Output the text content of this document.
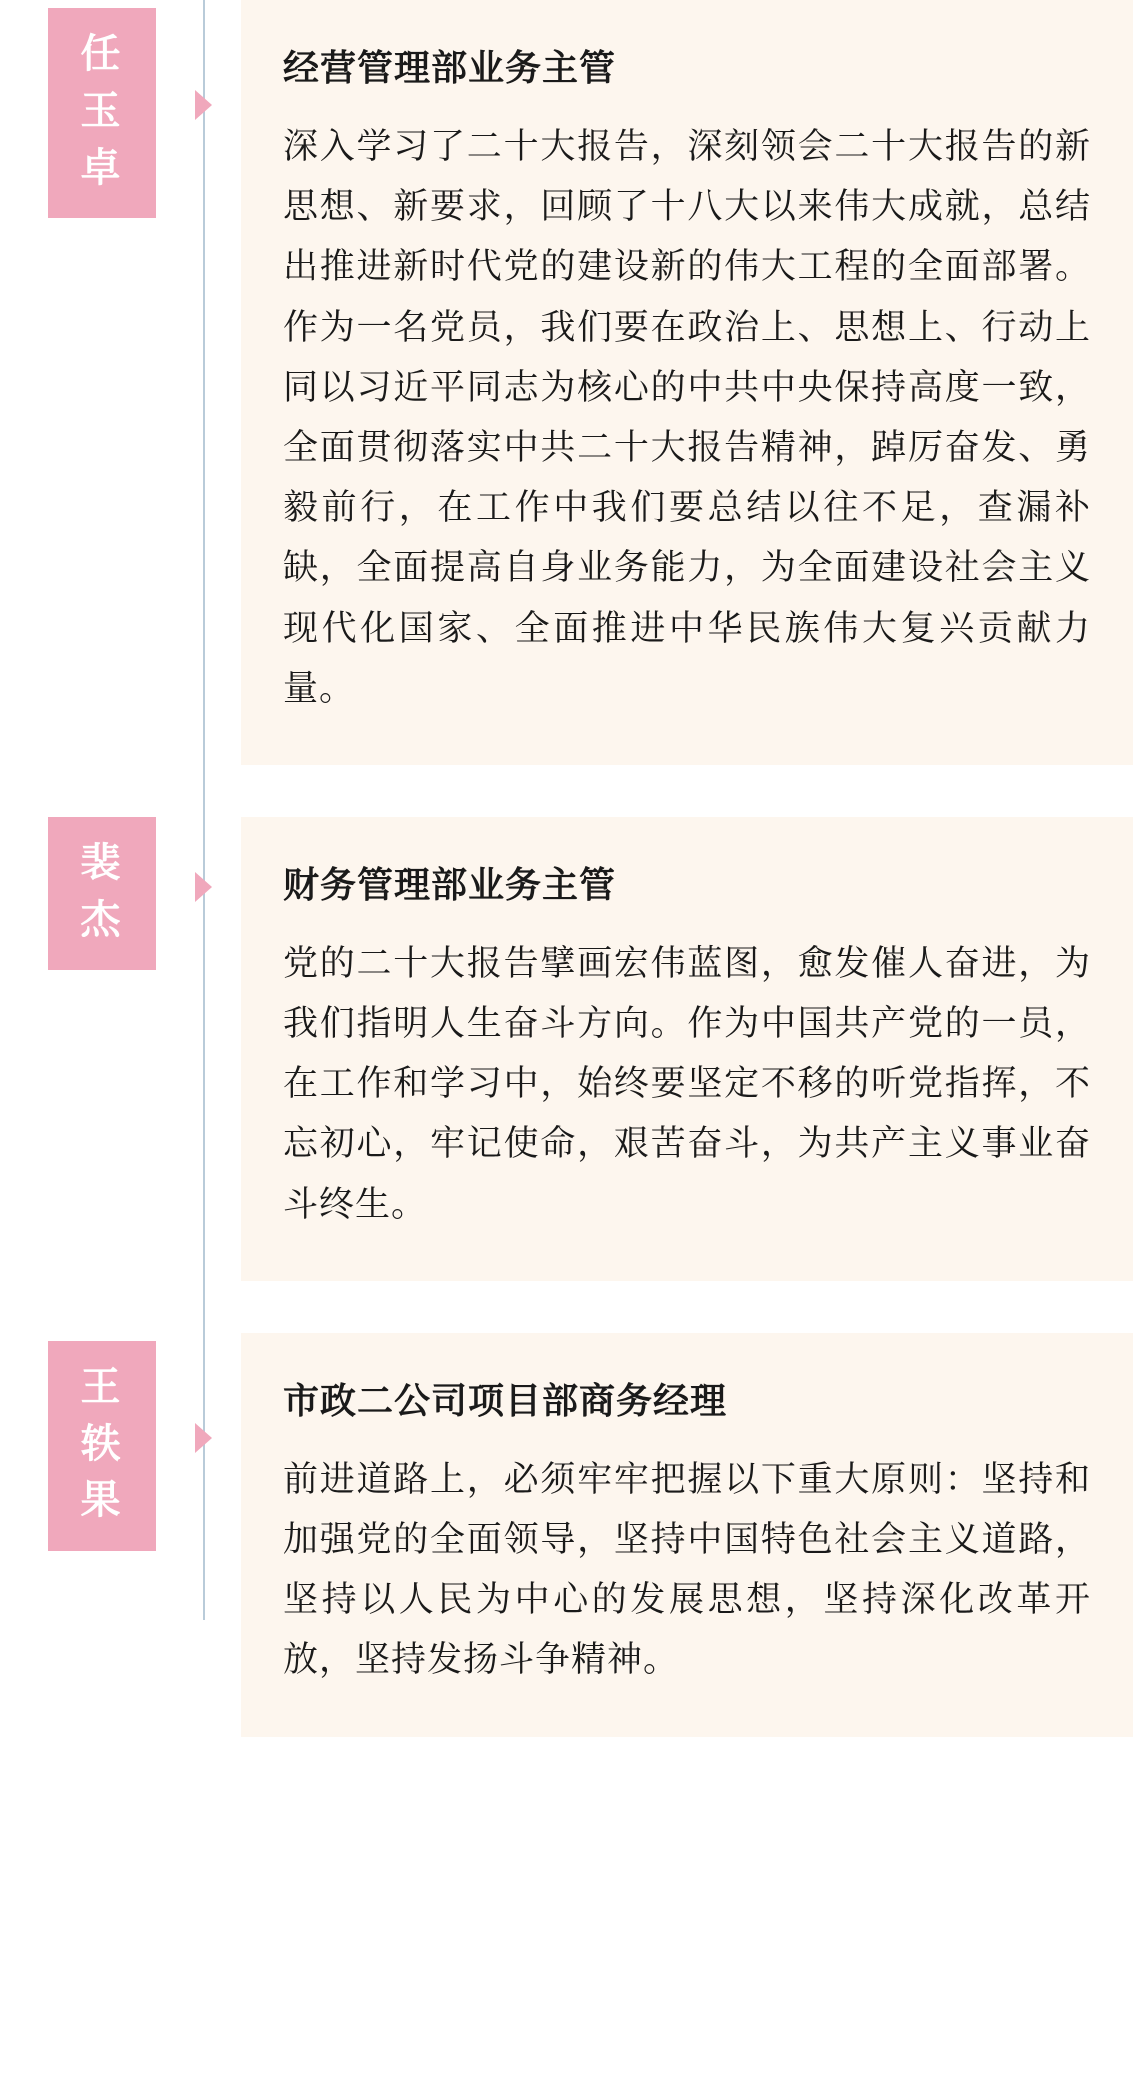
任
玉
卓
经营管理部业务主管

深入学习了二十大报告，深刻领会二十大报告的新思想、新要求，回顾了十八大以来伟大成就，总结出推进新时代党的建设新的伟大工程的全面部署。作为一名党员，我们要在政治上、思想上、行动上同以习近平同志为核心的中共中央保持高度一致，全面贯彻落实中共二十大报告精神，踔厉奋发、勇毅前行，在工作中我们要总结以往不足，查漏补缺，全面提高自身业务能力，为全面建设社会主义现代化国家、全面推进中华民族伟大复兴贡献力量。

裴
杰
财务管理部业务主管

党的二十大报告擘画宏伟蓝图，愈发催人奋进，为我们指明人生奋斗方向。作为中国共产党的一员，在工作和学习中，始终要坚定不移的听党指挥，不忘初心，牢记使命，艰苦奋斗，为共产主义事业奋斗终生。

王
轶
果
市政二公司项目部商务经理

前进道路上，必须牢牢把握以下重大原则：坚持和加强党的全面领导，坚持中国特色社会主义道路，坚持以人民为中心的发展思想，坚持深化改革开放，坚持发扬斗争精神。
